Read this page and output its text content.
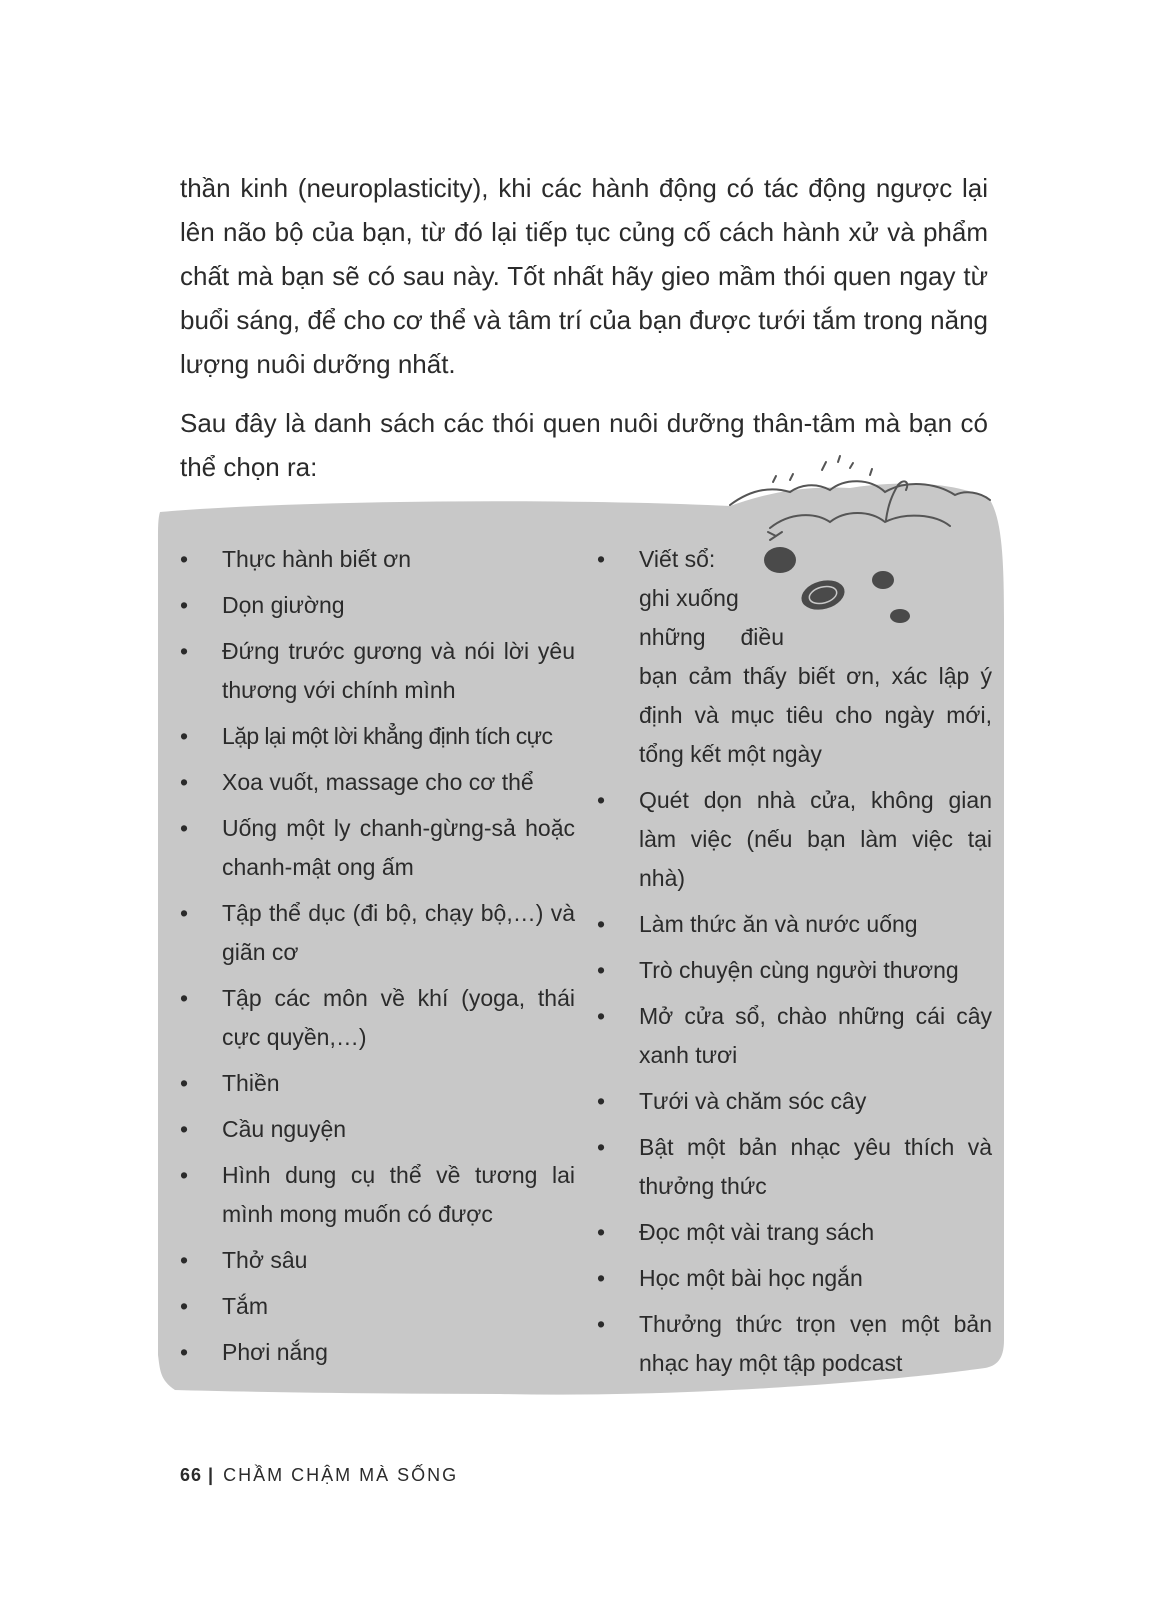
thần kinh (neuroplasticity), khi các hành động có tác động ngược lại lên não bộ của bạn, từ đó lại tiếp tục củng cố cách hành xử và phẩm chất mà bạn sẽ có sau này. Tốt nhất hãy gieo mầm thói quen ngay từ buổi sáng, để cho cơ thể và tâm trí của bạn được tưới tắm trong năng lượng nuôi dưỡng nhất.

Sau đây là danh sách các thói quen nuôi dưỡng thân-tâm mà bạn có thể chọn ra:

• Thực hành biết ơn
• Dọn giường
• Đứng trước gương và nói lời yêu thương với chính mình
• Lặp lại một lời khẳng định tích cực
• Xoa vuốt, massage cho cơ thể
• Uống một ly chanh-gừng-sả hoặc chanh-mật ong ấm
• Tập thể dục (đi bộ, chạy bộ,…) và giãn cơ
• Tập các môn về khí (yoga, thái cực quyền,…)
• Thiền
• Cầu nguyện
• Hình dung cụ thể về tương lai mình mong muốn có được
• Thở sâu
• Tắm
• Phơi nắng
• Viết sổ:
ghi xuống
những điều
bạn cảm thấy biết ơn, xác lập ý định và mục tiêu cho ngày mới, tổng kết một ngày
• Quét dọn nhà cửa, không gian làm việc (nếu bạn làm việc tại nhà)
• Làm thức ăn và nước uống
• Trò chuyện cùng người thương
• Mở cửa sổ, chào những cái cây xanh tươi
• Tưới và chăm sóc cây
• Bật một bản nhạc yêu thích và thưởng thức
• Đọc một vài trang sách
• Học một bài học ngắn
• Thưởng thức trọn vẹn một bản nhạc hay một tập podcast
66 | CHẦM CHẬM MÀ SỐNG
